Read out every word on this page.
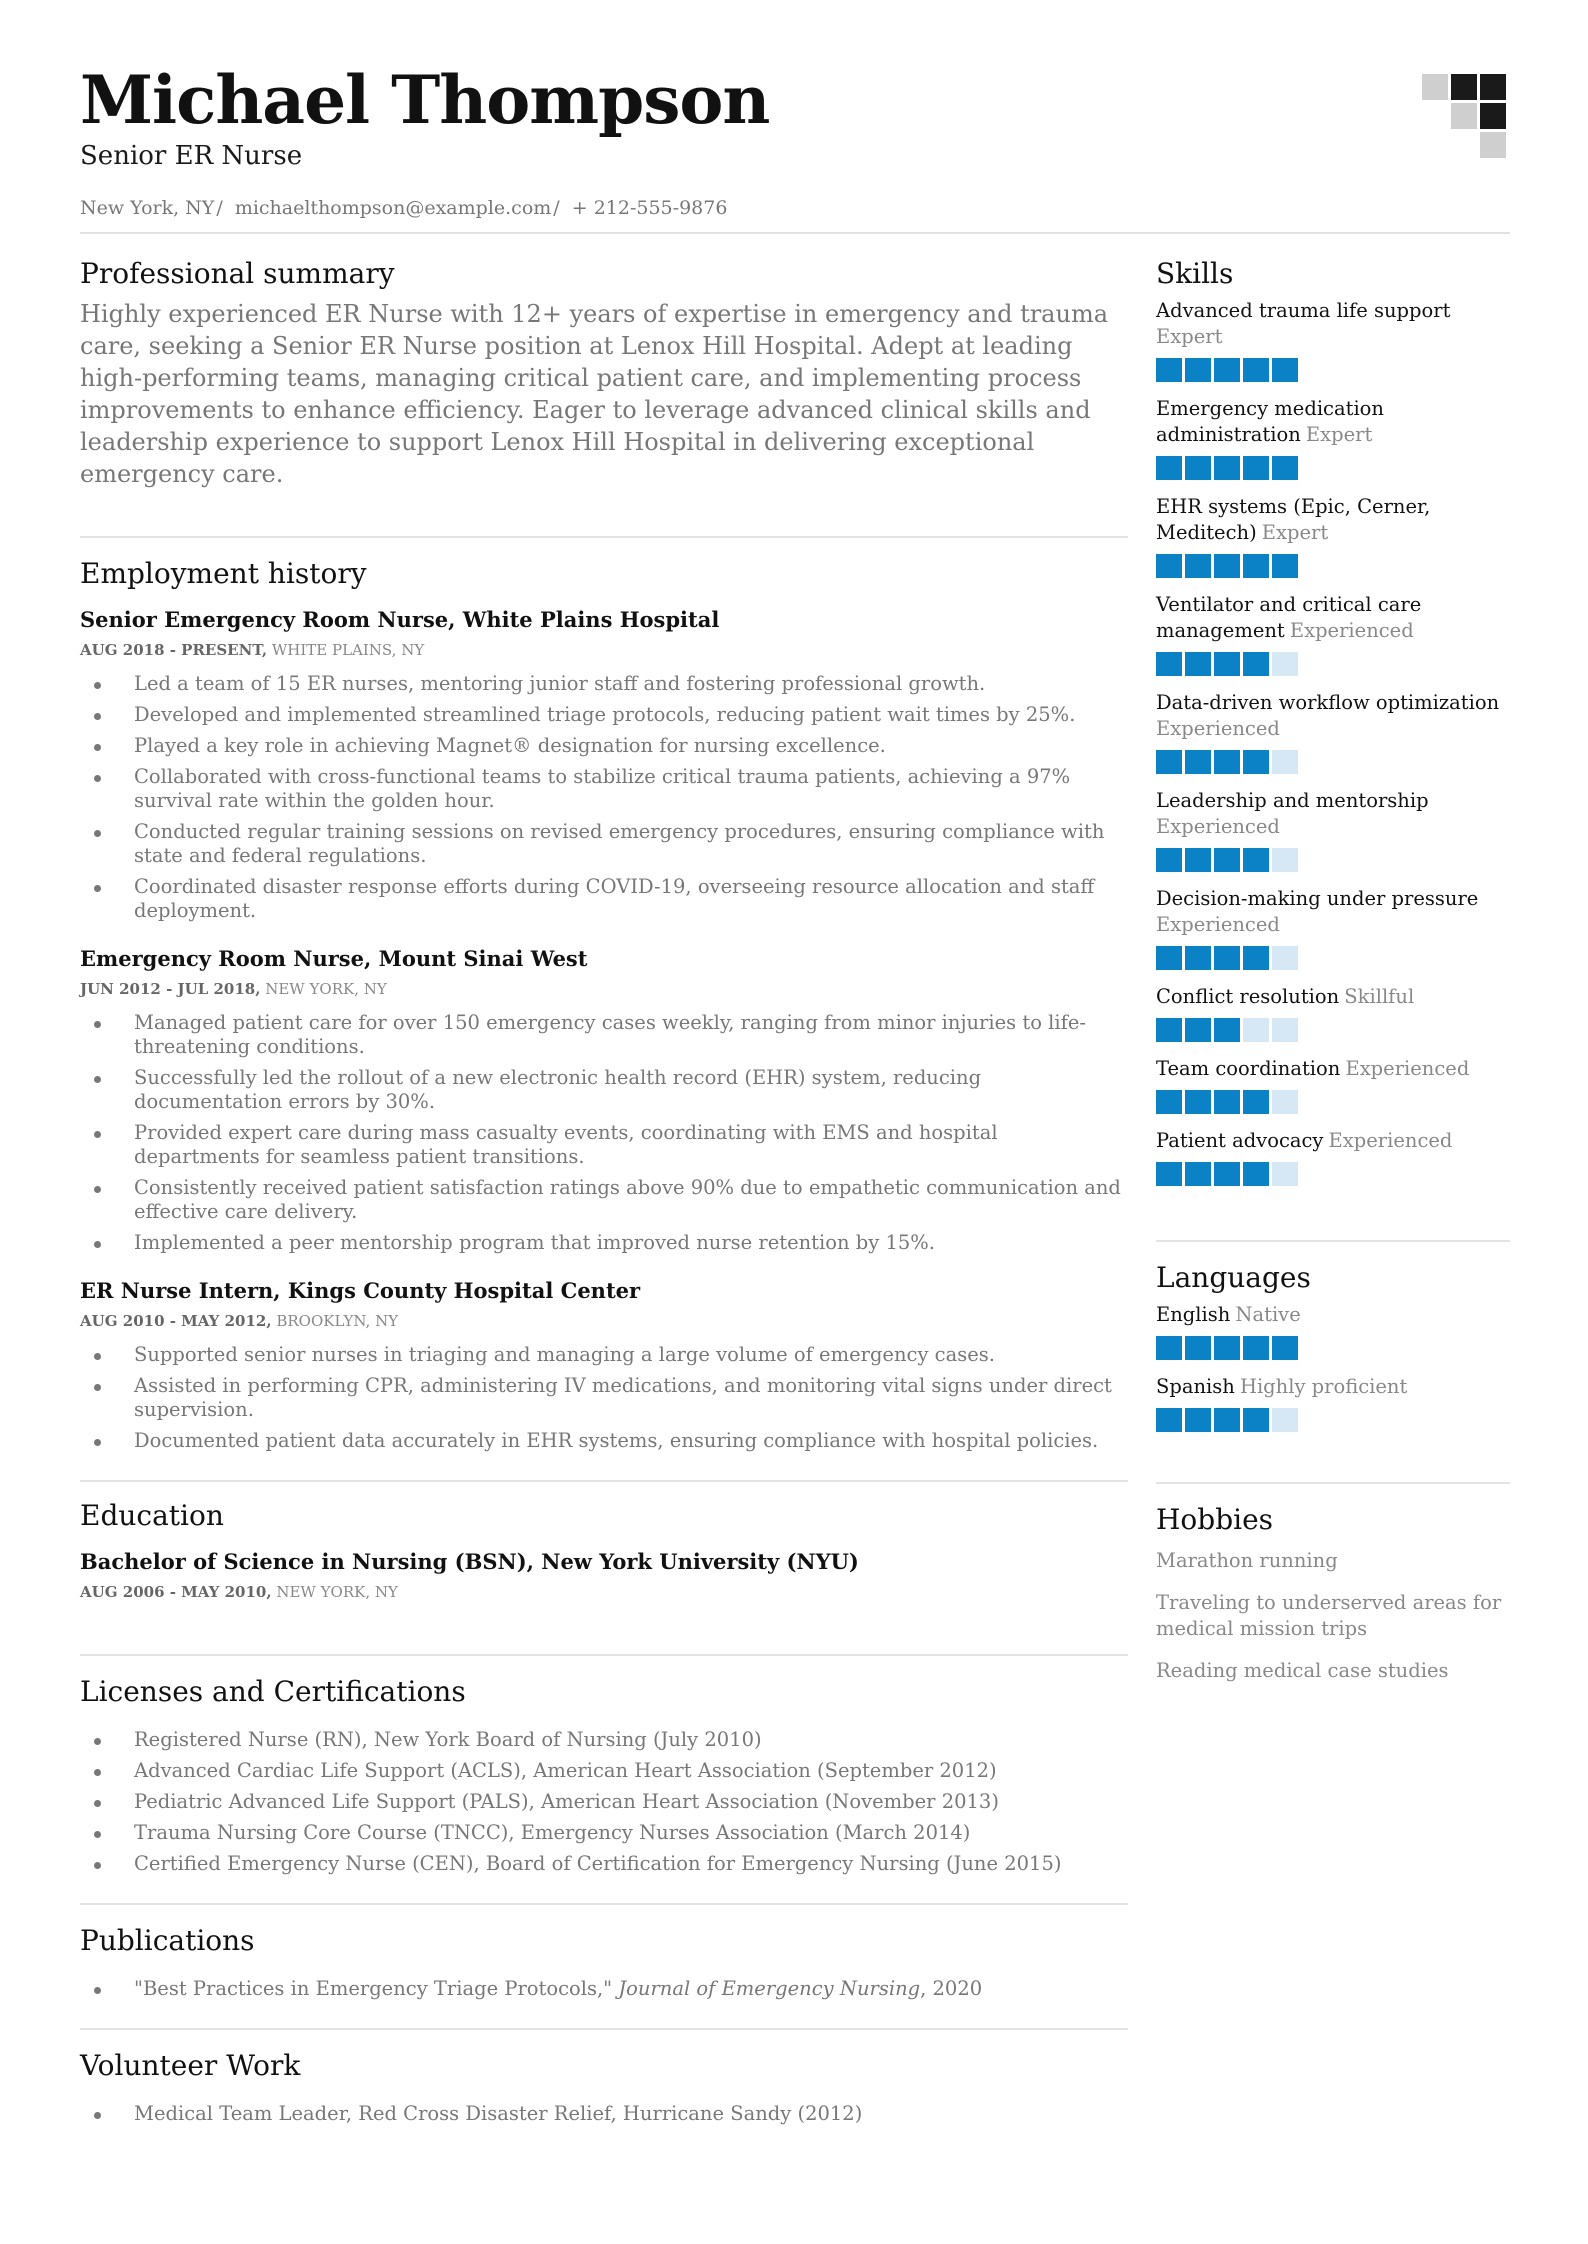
Michael Thompson
Senior ER Nurse
New York, NY / michaelthompson@example.com / + 212-555-9876
Professional summary
Highly experienced ER Nurse with 12+ years of expertise in emergency and trauma care, seeking a Senior ER Nurse position at Lenox Hill Hospital. Adept at leading high-performing teams, managing critical patient care, and implementing process improvements to enhance efficiency. Eager to leverage advanced clinical skills and leadership experience to support Lenox Hill Hospital in delivering exceptional emergency care.
Employment history
Senior Emergency Room Nurse, White Plains Hospital
AUG 2018 - PRESENT, WHITE PLAINS, NY
Led a team of 15 ER nurses, mentoring junior staff and fostering professional growth.
Developed and implemented streamlined triage protocols, reducing patient wait times by 25%.
Played a key role in achieving Magnet® designation for nursing excellence.
Collaborated with cross-functional teams to stabilize critical trauma patients, achieving a 97% survival rate within the golden hour.
Conducted regular training sessions on revised emergency procedures, ensuring compliance with state and federal regulations.
Coordinated disaster response efforts during COVID-19, overseeing resource allocation and staff deployment.
Emergency Room Nurse, Mount Sinai West
JUN 2012 - JUL 2018, NEW YORK, NY
Managed patient care for over 150 emergency cases weekly, ranging from minor injuries to life-threatening conditions.
Successfully led the rollout of a new electronic health record (EHR) system, reducing documentation errors by 30%.
Provided expert care during mass casualty events, coordinating with EMS and hospital departments for seamless patient transitions.
Consistently received patient satisfaction ratings above 90% due to empathetic communication and effective care delivery.
Implemented a peer mentorship program that improved nurse retention by 15%.
ER Nurse Intern, Kings County Hospital Center
AUG 2010 - MAY 2012, BROOKLYN, NY
Supported senior nurses in triaging and managing a large volume of emergency cases.
Assisted in performing CPR, administering IV medications, and monitoring vital signs under direct supervision.
Documented patient data accurately in EHR systems, ensuring compliance with hospital policies.
Education
Bachelor of Science in Nursing (BSN), New York University (NYU)
AUG 2006 - MAY 2010, NEW YORK, NY
Licenses and Certifications
Registered Nurse (RN), New York Board of Nursing (July 2010)
Advanced Cardiac Life Support (ACLS), American Heart Association (September 2012)
Pediatric Advanced Life Support (PALS), American Heart Association (November 2013)
Trauma Nursing Core Course (TNCC), Emergency Nurses Association (March 2014)
Certified Emergency Nurse (CEN), Board of Certification for Emergency Nursing (June 2015)
Publications
"Best Practices in Emergency Triage Protocols," Journal of Emergency Nursing, 2020
Volunteer Work
Medical Team Leader, Red Cross Disaster Relief, Hurricane Sandy (2012)
Skills
Advanced trauma life support Expert
Emergency medication administration Expert
EHR systems (Epic, Cerner, Meditech) Expert
Ventilator and critical care management Experienced
Data-driven workflow optimization Experienced
Leadership and mentorship Experienced
Decision-making under pressure Experienced
Conflict resolution Skillful
Team coordination Experienced
Patient advocacy Experienced
Languages
English Native
Spanish Highly proficient
Hobbies
Marathon running
Traveling to underserved areas for medical mission trips
Reading medical case studies
